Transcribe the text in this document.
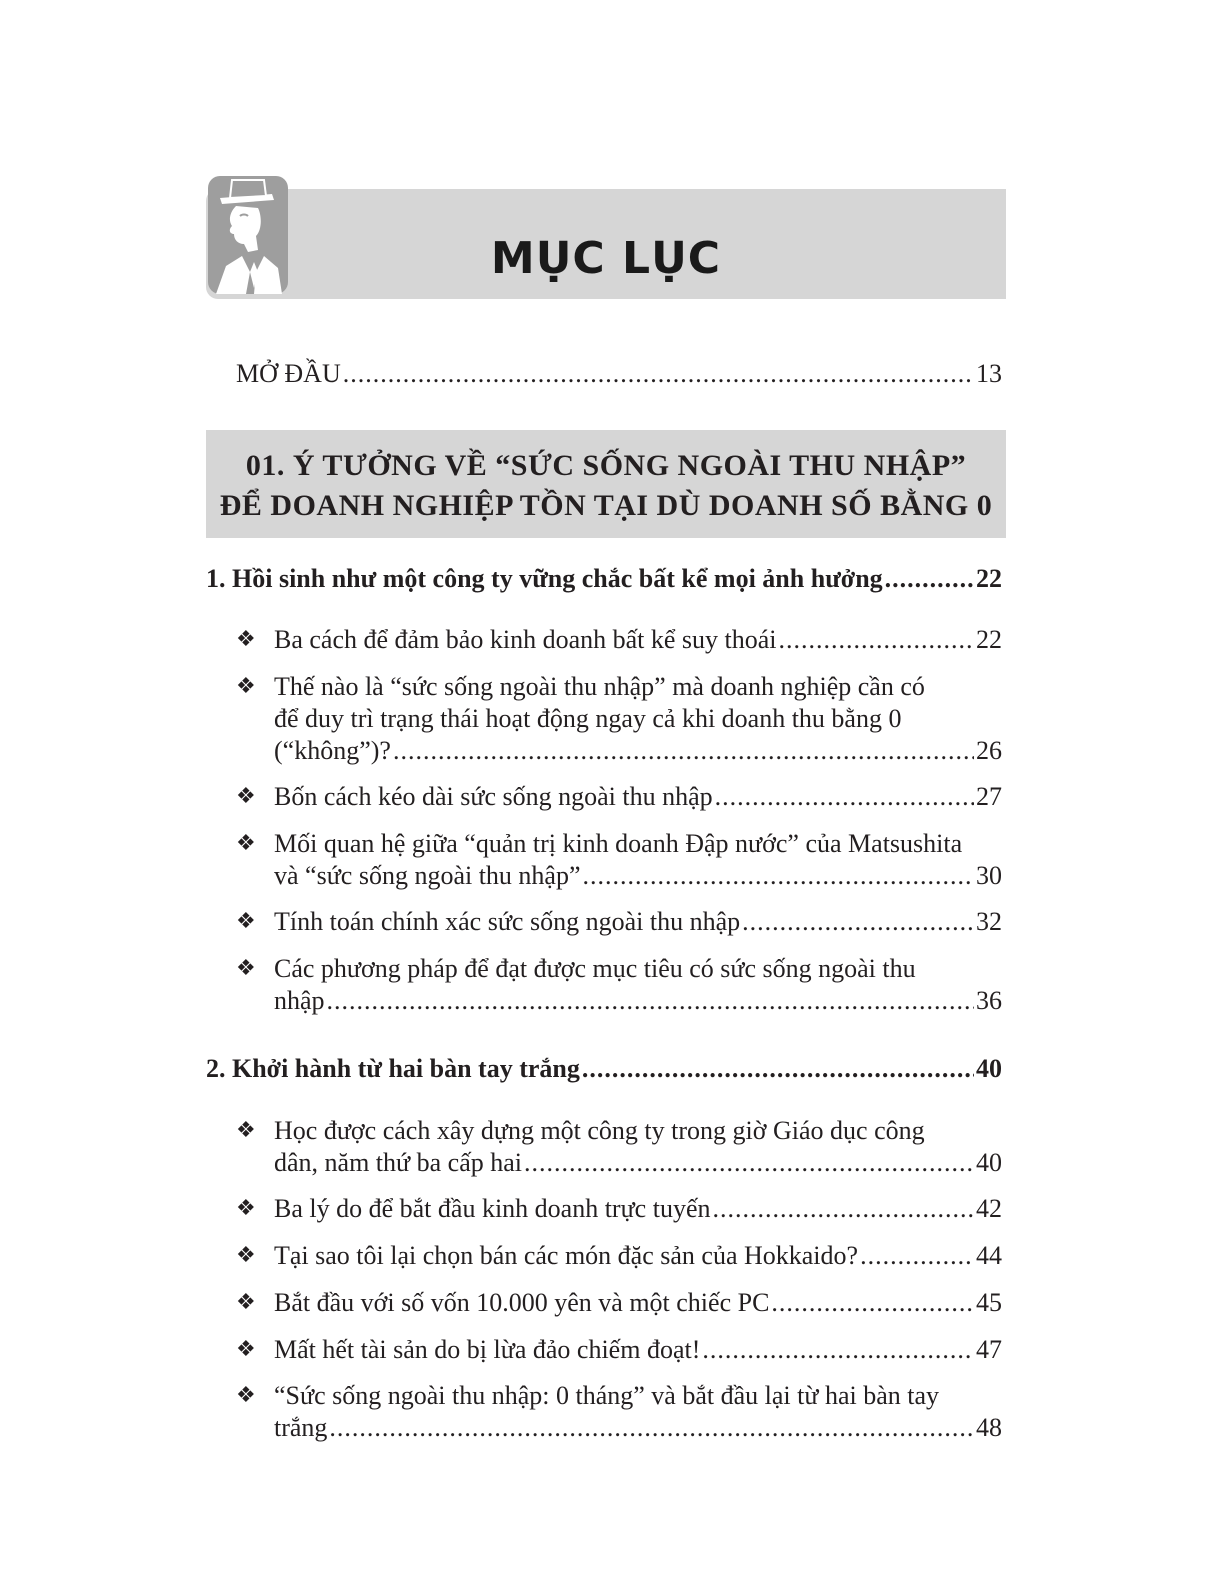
MỤC LỤC
MỞ ĐẦU .....	13
01. Ý TƯỞNG VỀ “SỨC SỐNG NGOÀI THU NHẬP”
ĐỂ DOANH NGHIỆP TỒN TẠI DÙ DOANH SỐ BẰNG 0
1. Hồi sinh như một công ty vững chắc bất kể mọi ảnh hưởng .....	22
❖ Ba cách để đảm bảo kinh doanh bất kể suy thoái .....	22
❖ Thế nào là “sức sống ngoài thu nhập” mà doanh nghiệp cần có
để duy trì trạng thái hoạt động ngay cả khi doanh thu bằng 0
(“không”)? .....	26
❖ Bốn cách kéo dài sức sống ngoài thu nhập .....	27
❖ Mối quan hệ giữa “quản trị kinh doanh Đập nước” của Matsushita
và “sức sống ngoài thu nhập” .....	30
❖ Tính toán chính xác sức sống ngoài thu nhập .....	32
❖ Các phương pháp để đạt được mục tiêu có sức sống ngoài thu
nhập .....	36
2. Khởi hành từ hai bàn tay trắng .....	40
❖ Học được cách xây dựng một công ty trong giờ Giáo dục công
dân, năm thứ ba cấp hai .....	40
❖ Ba lý do để bắt đầu kinh doanh trực tuyến .....	42
❖ Tại sao tôi lại chọn bán các món đặc sản của Hokkaido? .....	44
❖ Bắt đầu với số vốn 10.000 yên và một chiếc PC .....	45
❖ Mất hết tài sản do bị lừa đảo chiếm đoạt! .....	47
❖ “Sức sống ngoài thu nhập: 0 tháng” và bắt đầu lại từ hai bàn tay
trắng .....	48
